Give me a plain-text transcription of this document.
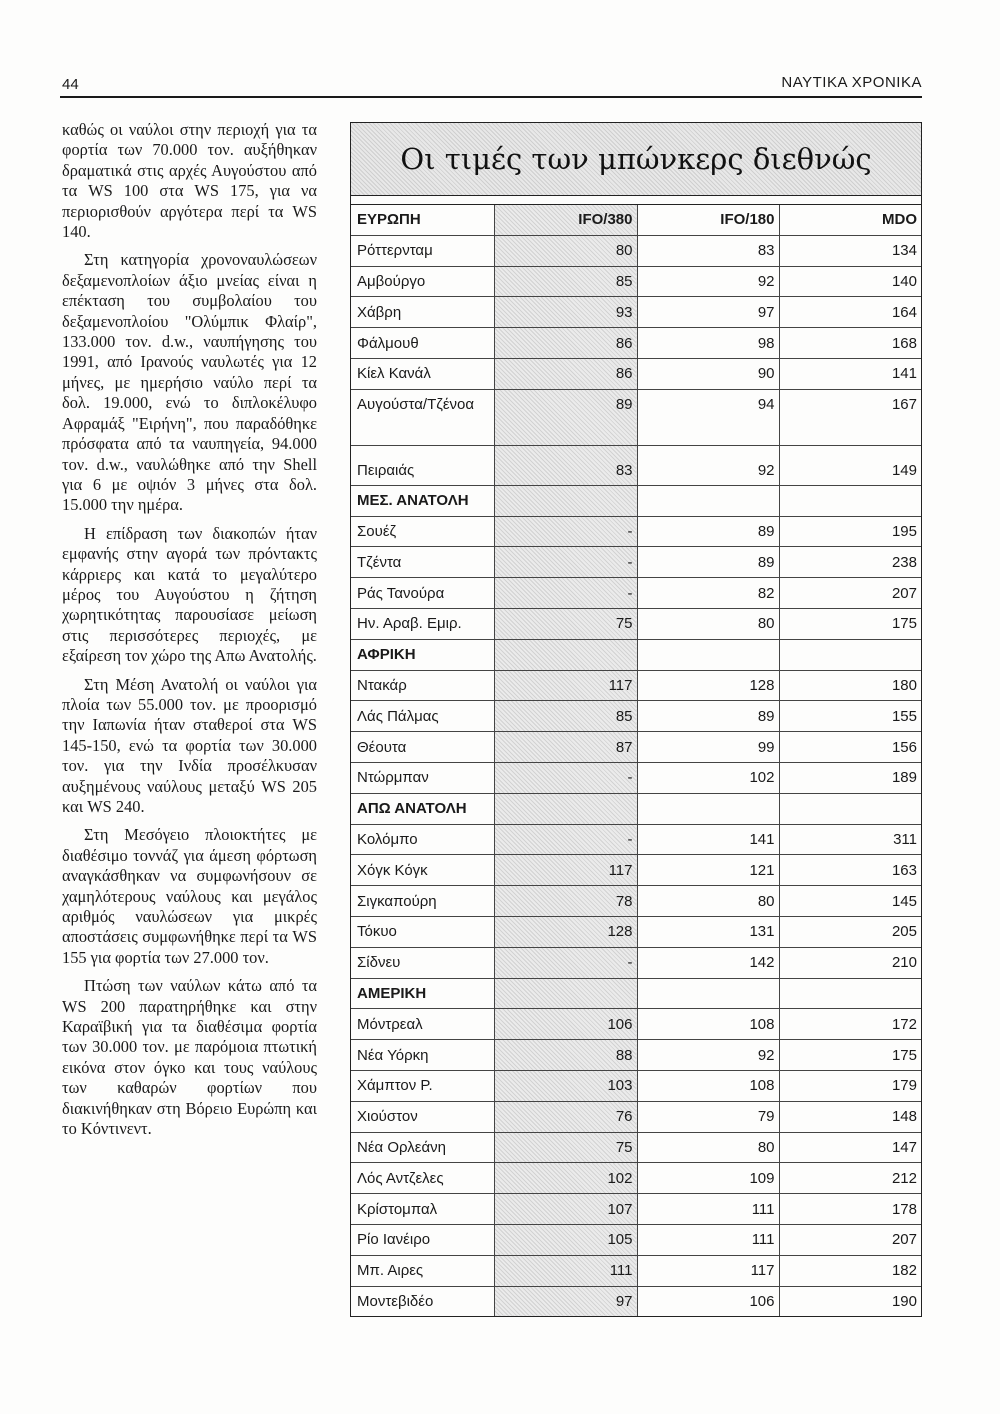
44	ΝΑΥΤΙΚΑ ΧΡΟΝΙΚΑ

καθώς οι ναύλοι στην περιοχή για τα φορτία των 70.000 τον. αυξήθηκαν δραματικά στις αρχές Αυγούστου από τα WS 100 στα WS 175, για να περιορισθούν αργότερα περί τα WS 140.

Στη κατηγορία χρονοναυλώσεων δεξαμενοπλοίων άξιο μνείας είναι η επέκταση του συμβολαίου του δεξαμενοπλοίου "Ολύμπικ Φλαίρ", 133.000 τον. d.w., ναυπήγησης του 1991, από Ιρανούς ναυλωτές για 12 μήνες, με ημερήσιο ναύλο περί τα δολ. 19.000, ενώ το διπλοκέλυφο Αφραμάξ "Ειρήνη", που παραδόθηκε πρόσφατα από τα ναυπηγεία, 94.000 τον. d.w., ναυλώθηκε από την Shell για 6 με οψιόν 3 μήνες στα δολ. 15.000 την ημέρα.

Η επίδραση των διακοπών ήταν εμφανής στην αγορά των πρόντακτς κάρριερς και κατά το μεγαλύτερο μέρος του Αυγούστου η ζήτηση χωρητικότητας παρουσίασε μείωση στις περισσότερες περιοχές, με εξαίρεση τον χώρο της Απω Ανατολής.

Στη Μέση Ανατολή οι ναύλοι για πλοία των 55.000 τον. με προορισμό την Ιαπωνία ήταν σταθεροί στα WS 145-150, ενώ τα φορτία των 30.000 τον. για την Ινδία προσέλκυσαν αυξημένους ναύλους μεταξύ WS 205 και WS 240.

Στη Μεσόγειο πλοιοκτήτες με διαθέσιμο τοννάζ για άμεση φόρτωση αναγκάσθηκαν να συμφωνήσουν σε χαμηλότερους ναύλους και μεγάλος αριθμός ναυλώσεων για μικρές αποστάσεις συμφωνήθηκε περί τα WS 155 για φορτία των 27.000 τον.

Πτώση των ναύλων κάτω από τα WS 200 παρατηρήθηκε και στην Καραϊβική για τα διαθέσιμα φορτία των 30.000 τον. με παρόμοια πτωτική εικόνα στον όγκο και τους ναύλους των καθαρών φορτίων που διακινήθηκαν στη Βόρειο Ευρώπη και το Κόντινεντ.

Οι τιμές των μπώνκερς διεθνώς
ΕΥΡΩΠΗ	IFO/380	IFO/180	MDO
Ρόττερνταμ	80	83	134
Αμβούργο	85	92	140
Χάβρη	93	97	164
Φάλμουθ	86	98	168
Κίελ Κανάλ	86	90	141
Αυγούστα/Τζένοα	89	94	167
Πειραιάς	83	92	149
ΜΕΣ. ΑΝΑΤΟΛΗ			
Σουέζ	-	89	195
Τζέντα	-	89	238
Ράς Τανούρα	-	82	207
Ην. Αραβ. Εμιρ.	75	80	175
ΑΦΡΙΚΗ			
Ντακάρ	117	128	180
Λάς Πάλμας	85	89	155
Θέουτα	87	99	156
Ντώρμπαν	-	102	189
ΑΠΩ ΑΝΑΤΟΛΗ			
Κολόμπο	-	141	311
Χόγκ Κόγκ	117	121	163
Σιγκαπούρη	78	80	145
Τόκυο	128	131	205
Σίδνευ	-	142	210
ΑΜΕΡΙΚΗ			
Μόντρεαλ	106	108	172
Νέα Υόρκη	88	92	175
Χάμπτον Ρ.	103	108	179
Χιούστον	76	79	148
Νέα Ορλεάνη	75	80	147
Λός Αντζελες	102	109	212
Κρίστομπαλ	107	111	178
Ρίο Ιανέιρο	105	111	207
Μπ. Αιρες	111	117	182
Μοντεβιδέο	97	106	190
